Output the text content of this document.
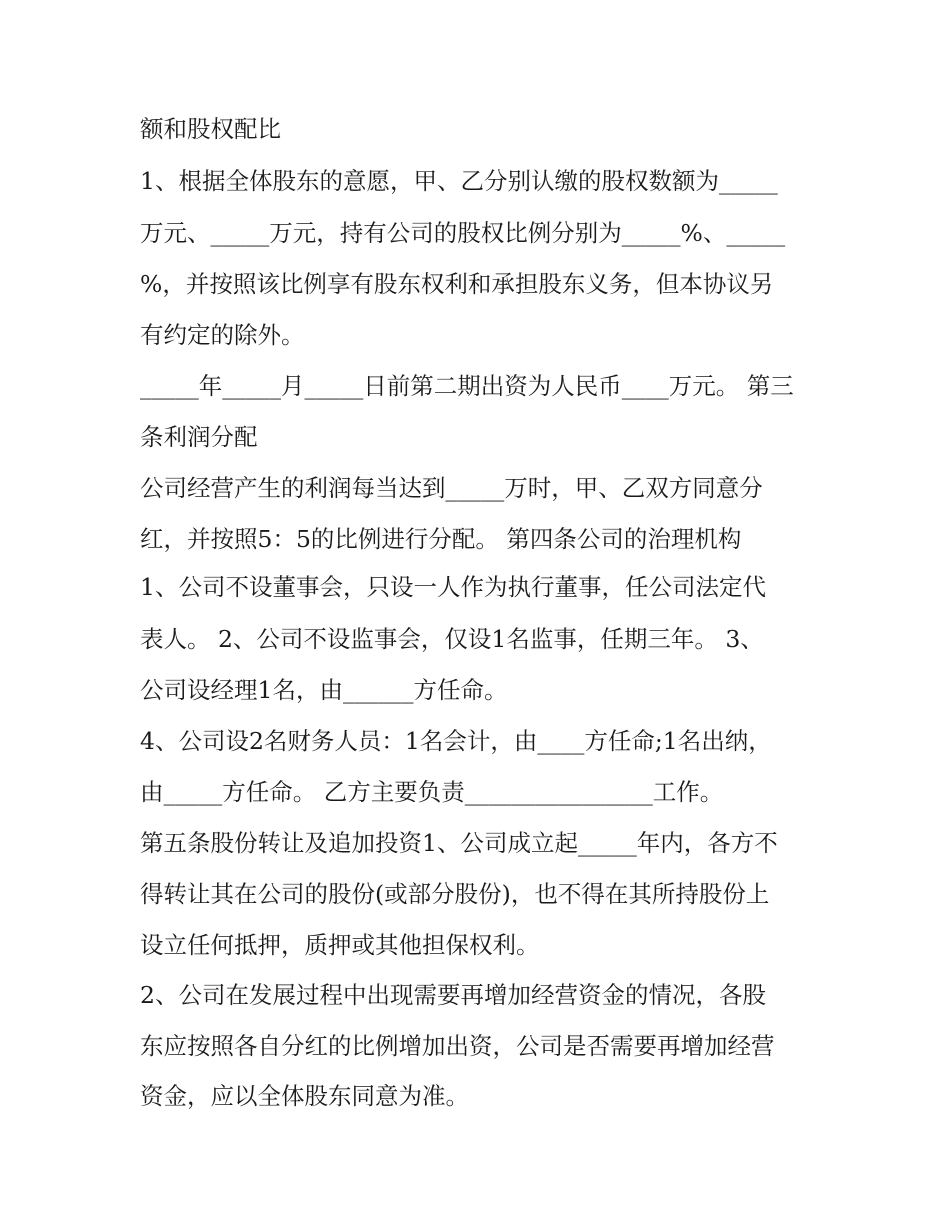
额和股权配比
1、根据全体股东的意愿，甲、乙分别认缴的股权数额为_____
万元、_____万元，持有公司的股权比例分别为_____%、_____
%，并按照该比例享有股东权利和承担股东义务，但本协议另
有约定的除外。
_____年_____月_____日前第二期出资为人民币____万元。 第三
条利润分配
公司经营产生的利润每当达到_____万时，甲、乙双方同意分
红，并按照5：5的比例进行分配。 第四条公司的治理机构
1、公司不设董事会，只设一人作为执行董事，任公司法定代
表人。 2、公司不设监事会，仅设1名监事，任期三年。 3、
公司设经理1名，由______方任命。
4、公司设2名财务人员：1名会计，由____方任命;1名出纳，
由_____方任命。 乙方主要负责________________工作。
第五条股份转让及追加投资1、公司成立起_____年内，各方不
得转让其在公司的股份(或部分股份)，也不得在其所持股份上
设立任何抵押，质押或其他担保权利。
2、公司在发展过程中出现需要再增加经营资金的情况，各股
东应按照各自分红的比例增加出资，公司是否需要再增加经营
资金，应以全体股东同意为准。
